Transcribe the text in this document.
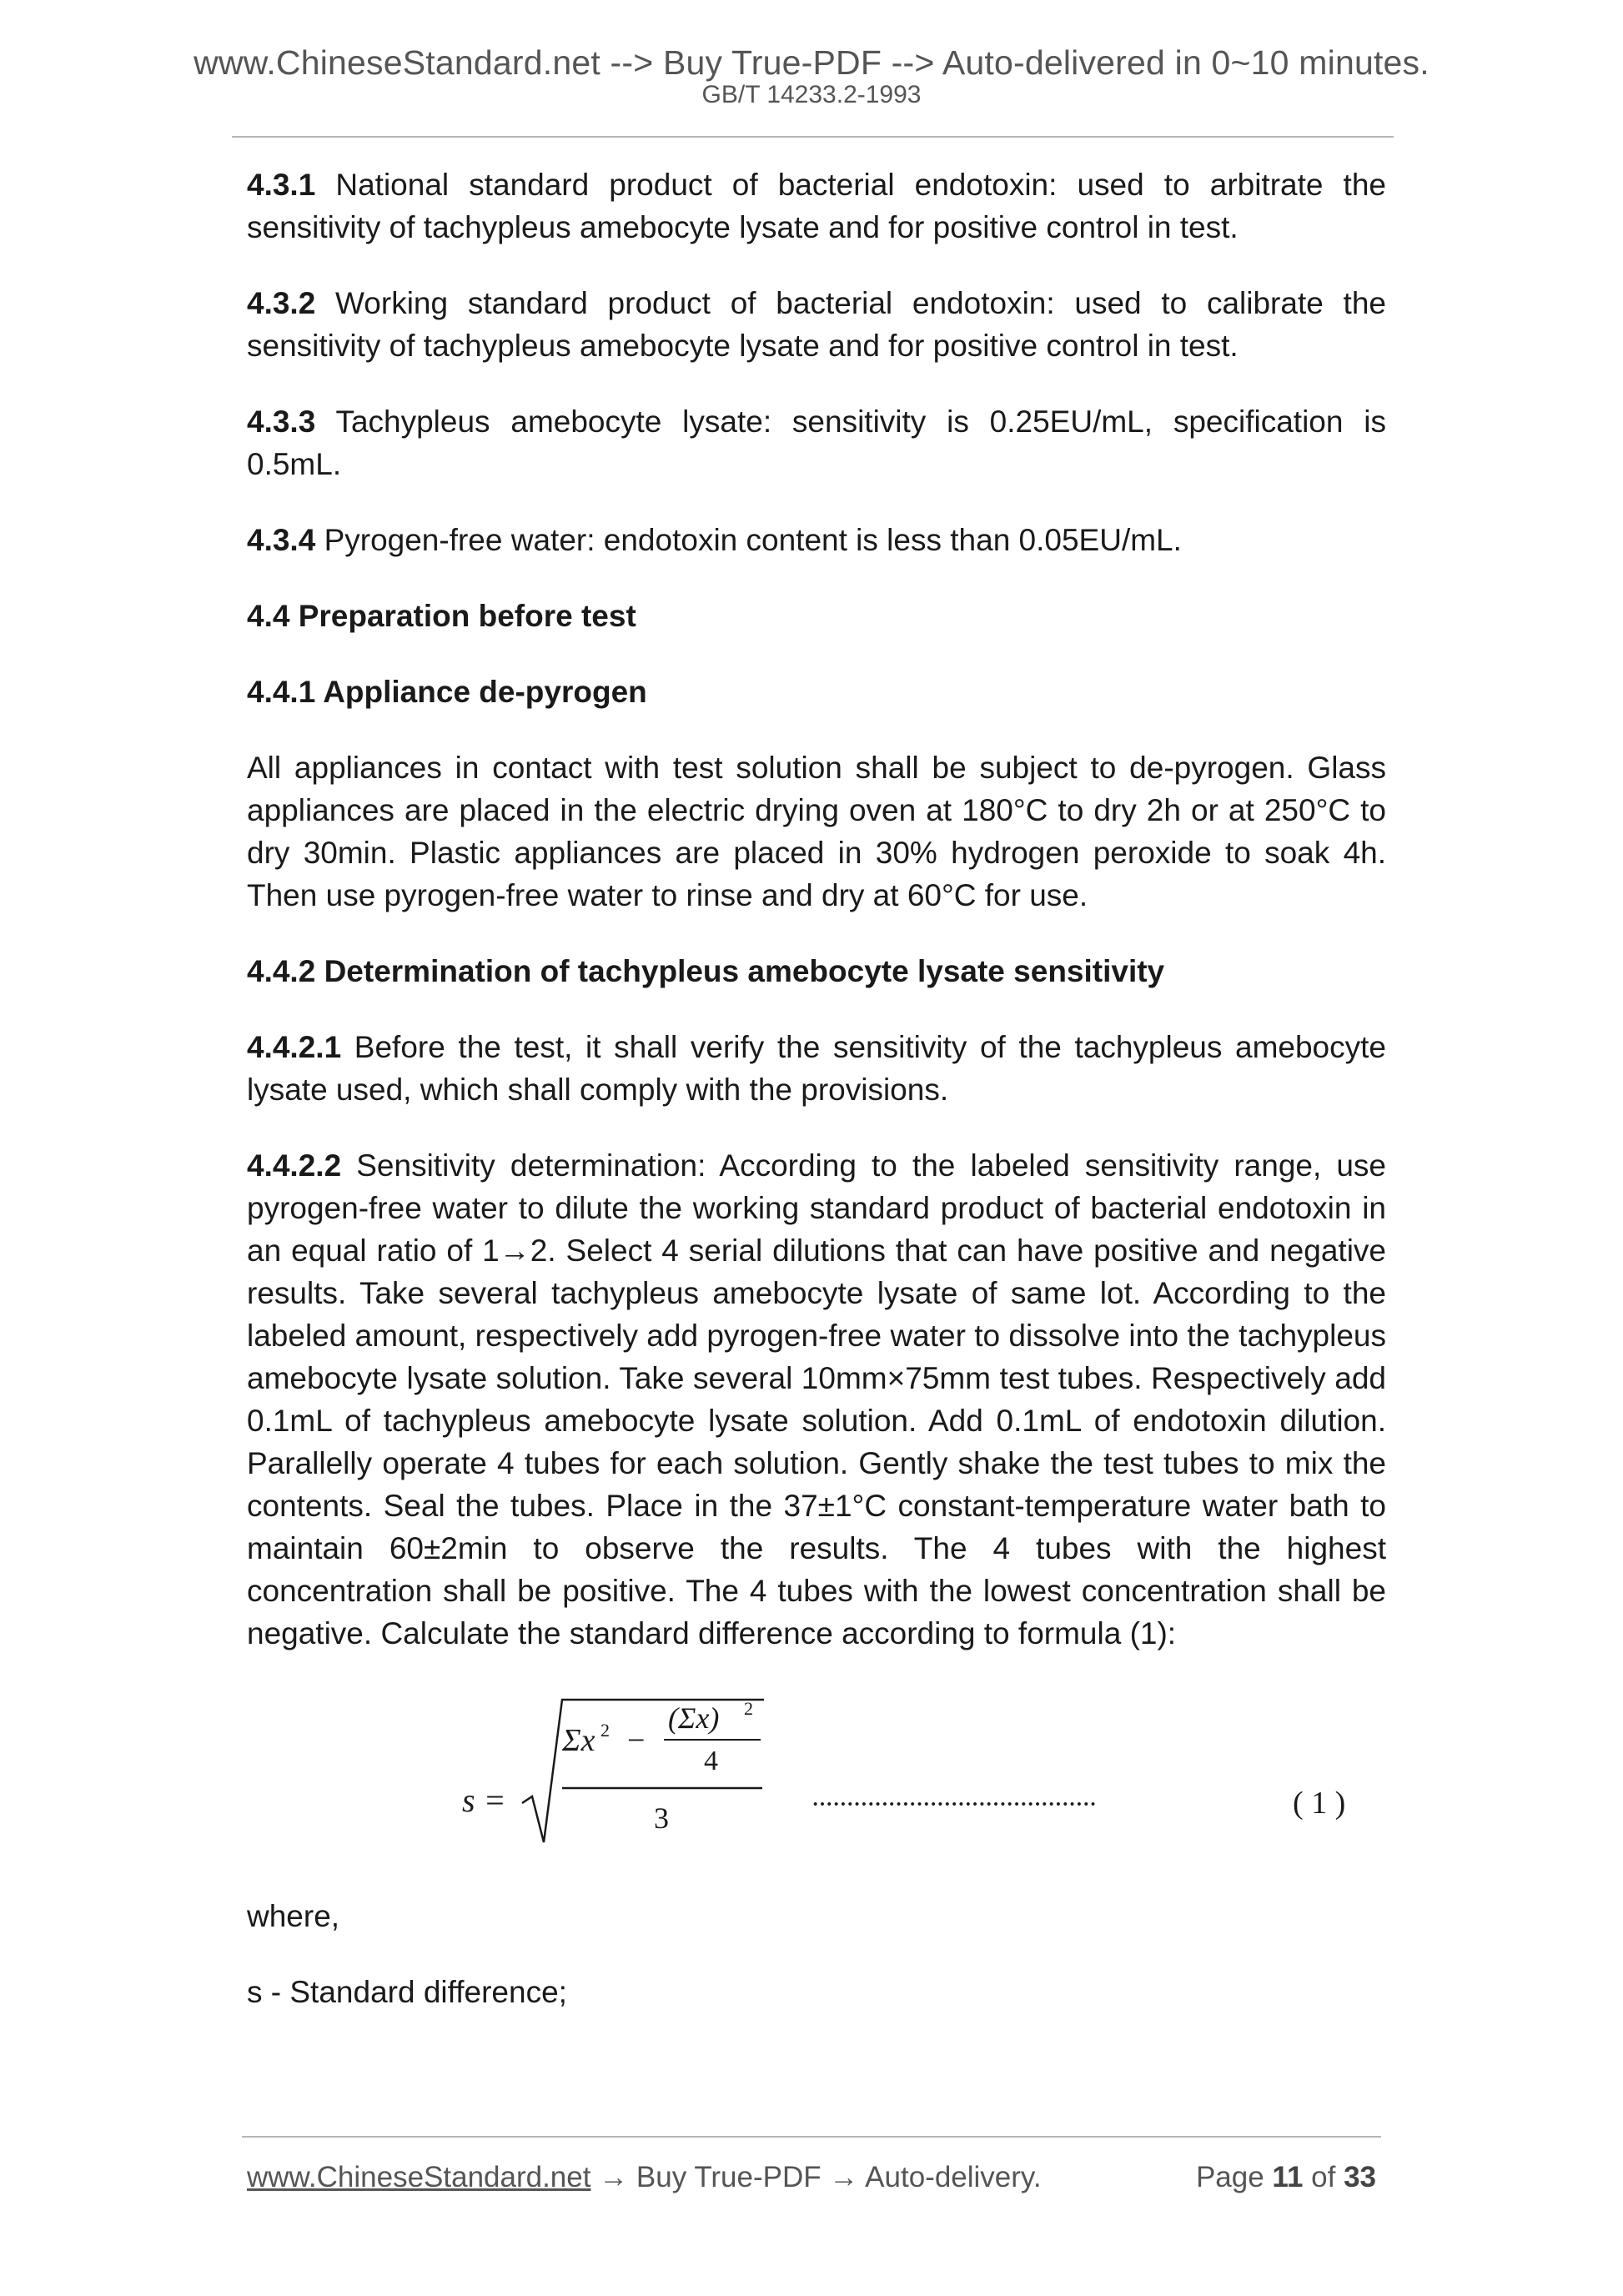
www.ChineseStandard.net --> Buy True-PDF --> Auto-delivered in 0~10 minutes.
GB/T 14233.2-1993

4.3.1 National standard product of bacterial endotoxin: used to arbitrate the sensitivity of tachypleus amebocyte lysate and for positive control in test.

4.3.2 Working standard product of bacterial endotoxin: used to calibrate the sensitivity of tachypleus amebocyte lysate and for positive control in test.

4.3.3 Tachypleus amebocyte lysate: sensitivity is 0.25EU/mL, specification is 0.5mL.

4.3.4 Pyrogen-free water: endotoxin content is less than 0.05EU/mL.

4.4 Preparation before test

4.4.1 Appliance de-pyrogen

All appliances in contact with test solution shall be subject to de-pyrogen. Glass appliances are placed in the electric drying oven at 180°C to dry 2h or at 250°C to dry 30min. Plastic appliances are placed in 30% hydrogen peroxide to soak 4h. Then use pyrogen-free water to rinse and dry at 60°C for use.

4.4.2 Determination of tachypleus amebocyte lysate sensitivity

4.4.2.1 Before the test, it shall verify the sensitivity of the tachypleus amebocyte lysate used, which shall comply with the provisions.

4.4.2.2 Sensitivity determination: According to the labeled sensitivity range, use pyrogen-free water to dilute the working standard product of bacterial endotoxin in an equal ratio of 1→2. Select 4 serial dilutions that can have positive and negative results. Take several tachypleus amebocyte lysate of same lot. According to the labeled amount, respectively add pyrogen-free water to dissolve into the tachypleus amebocyte lysate solution. Take several 10mm×75mm test tubes. Respectively add 0.1mL of tachypleus amebocyte lysate solution. Add 0.1mL of endotoxin dilution. Parallelly operate 4 tubes for each solution. Gently shake the test tubes to mix the contents. Seal the tubes. Place in the 37±1°C constant-temperature water bath to maintain 60±2min to observe the results. The 4 tubes with the highest concentration shall be positive. The 4 tubes with the lowest concentration shall be negative. Calculate the standard difference according to formula (1):

s =
Σx 2 −
(Σx) 2
4
3	·········································	( 1 )

where,

s - Standard difference;

www.ChineseStandard.net → Buy True-PDF → Auto-delivery.	Page 11 of 33
